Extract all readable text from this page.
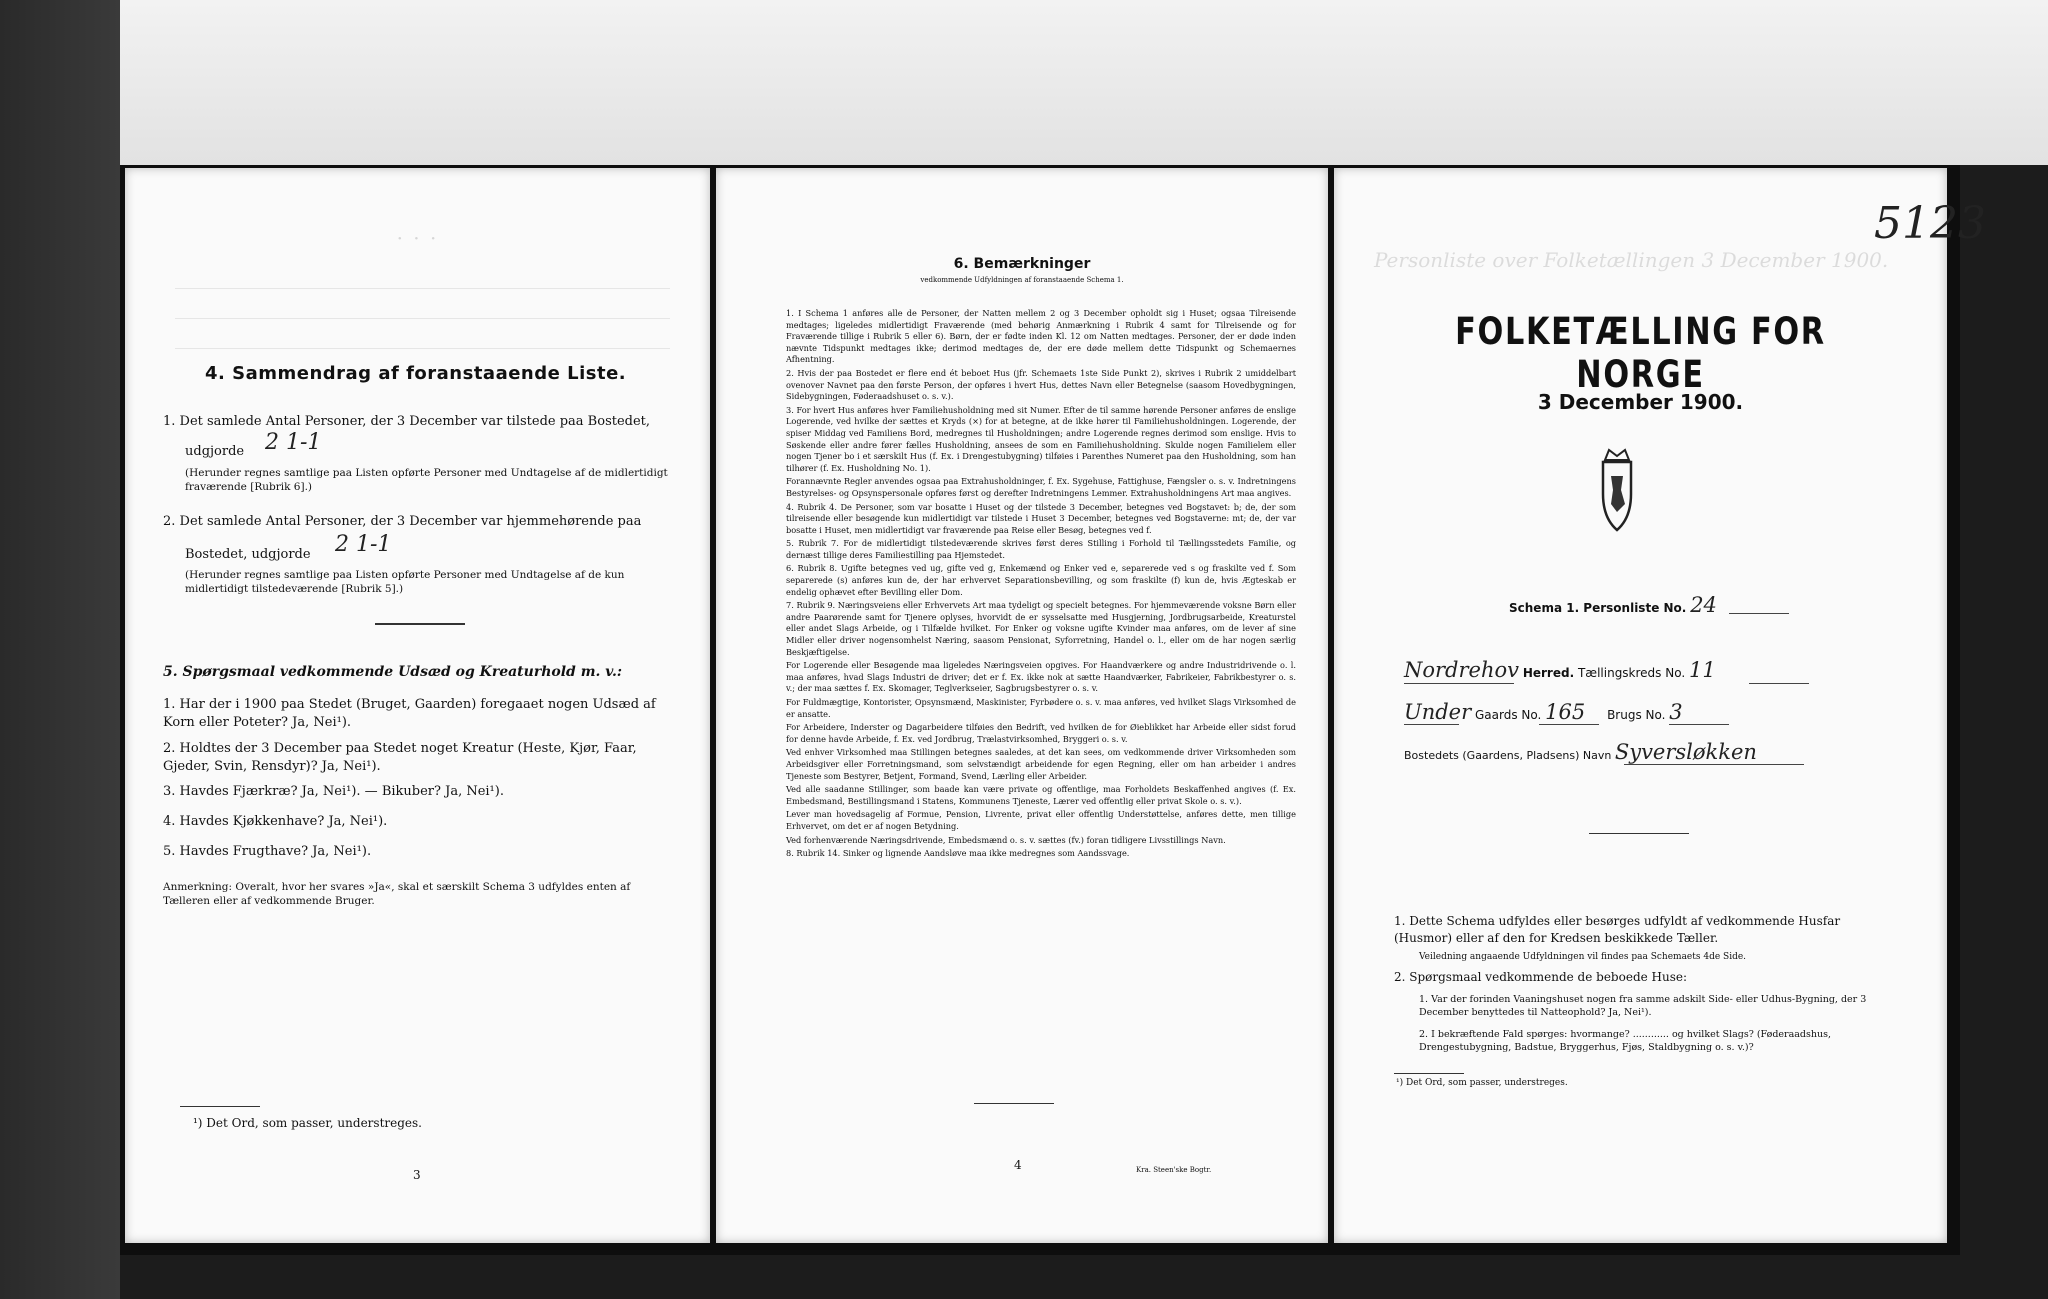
· · ·
4. Sammendrag af foranstaaende Liste.
1. Det samlede Antal Personer, der 3 December var tilstede paa Bostedet,
udgjorde 2 1-1
(Herunder regnes samtlige paa Listen opførte Personer med Undtagelse af de midlertidigt fraværende [Rubrik 6].)
2. Det samlede Antal Personer, der 3 December var hjemmehørende paa
Bostedet, udgjorde 2 1-1
(Herunder regnes samtlige paa Listen opførte Personer med Undtagelse af de kun midlertidigt tilstedeværende [Rubrik 5].)
5. Spørgsmaal vedkommende Udsæd og Kreaturhold m. v.:
1. Har der i 1900 paa Stedet (Bruget, Gaarden) foregaaet nogen Udsæd af Korn eller Poteter? Ja, Nei¹).
2. Holdtes der 3 December paa Stedet noget Kreatur (Heste, Kjør, Faar, Gjeder, Svin, Rensdyr)? Ja, Nei¹).
3. Havdes Fjærkræ? Ja, Nei¹). — Bikuber? Ja, Nei¹).
4. Havdes Kjøkkenhave? Ja, Nei¹).
5. Havdes Frugthave? Ja, Nei¹).
Anmerkning: Overalt, hvor her svares »Ja«, skal et særskilt Schema 3 udfyldes enten af Tælleren eller af vedkommende Bruger.
¹) Det Ord, som passer, understreges.
3
6. Bemærkninger
vedkommende Udfyldningen af foranstaaende Schema 1.

1. I Schema 1 anføres alle de Personer, der Natten mellem 2 og 3 December opholdt sig i Huset; ogsaa Tilreisende medtages; ligeledes midlertidigt Fraværende (med behørig Anmærkning i Rubrik 4 samt for Tilreisende og for Fraværende tillige i Rubrik 5 eller 6). Børn, der er fødte inden Kl. 12 om Natten medtages. Personer, der er døde inden nævnte Tidspunkt medtages ikke; derimod medtages de, der ere døde mellem dette Tidspunkt og Schemaernes Afhentning.

2. Hvis der paa Bostedet er flere end ét beboet Hus (jfr. Schemaets 1ste Side Punkt 2), skrives i Rubrik 2 umiddelbart ovenover Navnet paa den første Person, der opføres i hvert Hus, dettes Navn eller Betegnelse (saasom Hovedbygningen, Sidebygningen, Føderaadshuset o. s. v.).

3. For hvert Hus anføres hver Familiehusholdning med sit Numer. Efter de til samme hørende Personer anføres de enslige Logerende, ved hvilke der sættes et Kryds (×) for at betegne, at de ikke hører til Familiehusholdningen. Logerende, der spiser Middag ved Familiens Bord, medregnes til Husholdningen; andre Logerende regnes derimod som enslige. Hvis to Søskende eller andre fører fælles Husholdning, ansees de som en Familiehusholdning. Skulde nogen Familielem eller nogen Tjener bo i et særskilt Hus (f. Ex. i Drengestubygning) tilføies i Parenthes Numeret paa den Husholdning, som han tilhører (f. Ex. Husholdning No. 1).

Forannævnte Regler anvendes ogsaa paa Extrahusholdninger, f. Ex. Sygehuse, Fattighuse, Fængsler o. s. v. Indretningens Bestyrelses- og Opsynspersonale opføres først og derefter Indretningens Lemmer. Extrahusholdningens Art maa angives.

4. Rubrik 4. De Personer, som var bosatte i Huset og der tilstede 3 December, betegnes ved Bogstavet: b; de, der som tilreisende eller besøgende kun midlertidigt var tilstede i Huset 3 December, betegnes ved Bogstaverne: mt; de, der var bosatte i Huset, men midlertidigt var fraværende paa Reise eller Besøg, betegnes ved f.

5. Rubrik 7. For de midlertidigt tilstedeværende skrives først deres Stilling i Forhold til Tællingsstedets Familie, og dernæst tillige deres Familiestilling paa Hjemstedet.

6. Rubrik 8. Ugifte betegnes ved ug, gifte ved g, Enkemænd og Enker ved e, separerede ved s og fraskilte ved f. Som separerede (s) anføres kun de, der har erhvervet Separationsbevilling, og som fraskilte (f) kun de, hvis Ægteskab er endelig ophævet efter Bevilling eller Dom.

7. Rubrik 9. Næringsveiens eller Erhvervets Art maa tydeligt og specielt betegnes. For hjemmeværende voksne Børn eller andre Paarørende samt for Tjenere oplyses, hvorvidt de er sysselsatte med Husgjerning, Jordbrugsarbeide, Kreaturstel eller andet Slags Arbeide, og i Tilfælde hvilket. For Enker og voksne ugifte Kvinder maa anføres, om de lever af sine Midler eller driver nogensomhelst Næring, saasom Pensionat, Syforretning, Handel o. l., eller om de har nogen særlig Beskjæftigelse.

For Logerende eller Besøgende maa ligeledes Næringsveien opgives. For Haandværkere og andre Industridrivende o. l. maa anføres, hvad Slags Industri de driver; det er f. Ex. ikke nok at sætte Haandværker, Fabrikeier, Fabrikbestyrer o. s. v.; der maa sættes f. Ex. Skomager, Teglverkseier, Sagbrugsbestyrer o. s. v.

For Fuldmægtige, Kontorister, Opsynsmænd, Maskinister, Fyrbødere o. s. v. maa anføres, ved hvilket Slags Virksomhed de er ansatte.

For Arbeidere, Inderster og Dagarbeidere tilføies den Bedrift, ved hvilken de for Øieblikket har Arbeide eller sidst forud for denne havde Arbeide, f. Ex. ved Jordbrug, Trælastvirksomhed, Bryggeri o. s. v.

Ved enhver Virksomhed maa Stillingen betegnes saaledes, at det kan sees, om vedkommende driver Virksomheden som Arbeidsgiver eller Forretningsmand, som selvstændigt arbeidende for egen Regning, eller om han arbeider i andres Tjeneste som Bestyrer, Betjent, Formand, Svend, Lærling eller Arbeider.

Ved alle saadanne Stillinger, som baade kan være private og offentlige, maa Forholdets Beskaffenhed angives (f. Ex. Embedsmand, Bestillingsmand i Statens, Kommunens Tjeneste, Lærer ved offentlig eller privat Skole o. s. v.).

Lever man hovedsagelig af Formue, Pension, Livrente, privat eller offentlig Understøttelse, anføres dette, men tillige Erhvervet, om det er af nogen Betydning.

Ved forhenværende Næringsdrivende, Embedsmænd o. s. v. sættes (fv.) foran tidligere Livsstillings Navn.

8. Rubrik 14. Sinker og lignende Aandsløve maa ikke medregnes som Aandssvage.

4	Kra. Steen'ske Bogtr.
Personliste over Folketællingen 3 December 1900.
5123
FOLKETÆLLING FOR NORGE
3 December 1900.
Schema 1. Personliste No. 24
Nordrehov Herred. Tællingskreds No. 11
Under Gaards No. 165 Brugs No. 3
Bostedets (Gaardens, Pladsens) Navn Syversløkken
1. Dette Schema udfyldes eller besørges udfyldt af vedkommende Husfar (Husmor) eller af den for Kredsen beskikkede Tæller.
Veiledning angaaende Udfyldningen vil findes paa Schemaets 4de Side.
2. Spørgsmaal vedkommende de beboede Huse:
1. Var der forinden Vaaningshuset nogen fra samme adskilt Side- eller Udhus-Bygning, der 3 December benyttedes til Natteophold? Ja, Nei¹).
2. I bekræftende Fald spørges: hvormange? ............ og hvilket Slags? (Føderaadshus, Drengestubygning, Badstue, Bryggerhus, Fjøs, Staldbygning o. s. v.)?
¹) Det Ord, som passer, understreges.
